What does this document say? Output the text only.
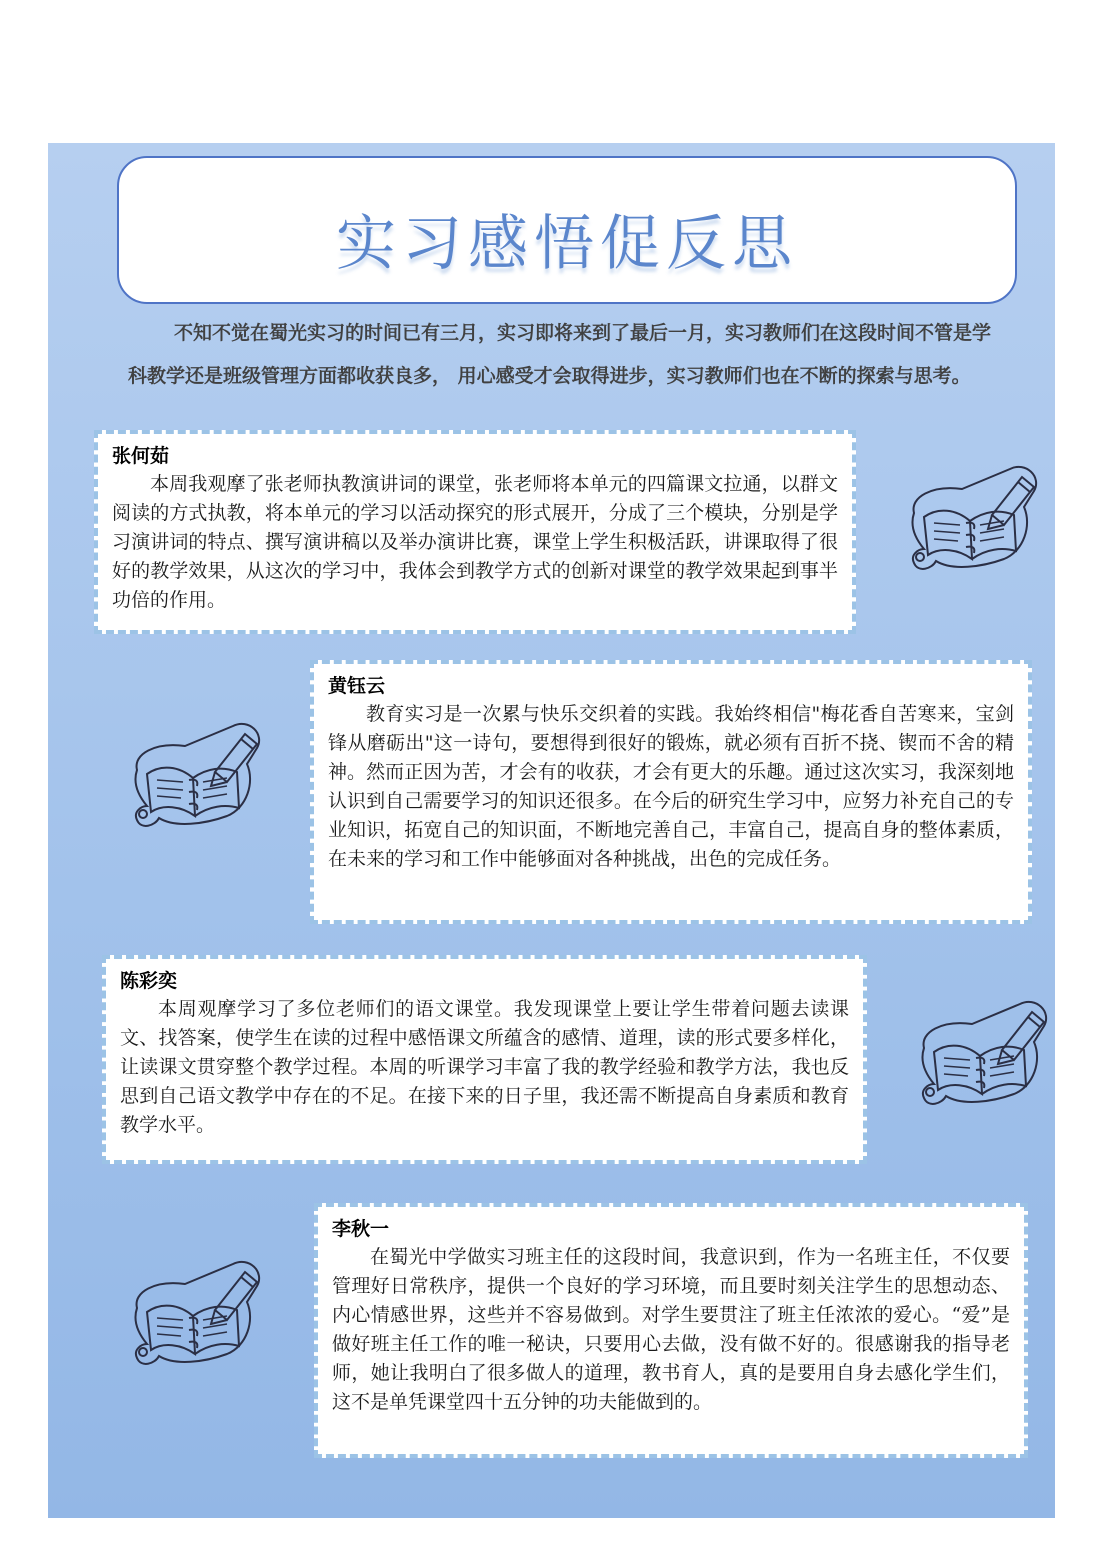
实习感悟促反思

不知不觉在蜀光实习的时间已有三月，实习即将来到了最后一月，实习教师们在这段时间不管是学科教学还是班级管理方面都收获良多， 用心感受才会取得进步，实习教师们也在不断的探索与思考。

张何茹

本周我观摩了张老师执教演讲词的课堂，张老师将本单元的四篇课文拉通，以群文阅读的方式执教，将本单元的学习以活动探究的形式展开，分成了三个模块，分别是学习演讲词的特点、撰写演讲稿以及举办演讲比赛，课堂上学生积极活跃，讲课取得了很好的教学效果，从这次的学习中，我体会到教学方式的创新对课堂的教学效果起到事半功倍的作用。

黄钰云

教育实习是一次累与快乐交织着的实践。我始终相信"梅花香自苦寒来，宝剑锋从磨砺出"这一诗句，要想得到很好的锻炼，就必须有百折不挠、锲而不舍的精神。然而正因为苦，才会有的收获，才会有更大的乐趣。通过这次实习，我深刻地认识到自己需要学习的知识还很多。在今后的研究生学习中，应努力补充自己的专业知识，拓宽自己的知识面，不断地完善自己，丰富自己，提高自身的整体素质，在未来的学习和工作中能够面对各种挑战，出色的完成任务。

陈彩奕

本周观摩学习了多位老师们的语文课堂。我发现课堂上要让学生带着问题去读课文、找答案，使学生在读的过程中感悟课文所蕴含的感情、道理，读的形式要多样化，让读课文贯穿整个教学过程。本周的听课学习丰富了我的教学经验和教学方法，我也反思到自己语文教学中存在的不足。在接下来的日子里，我还需不断提高自身素质和教育教学水平。

李秋一

在蜀光中学做实习班主任的这段时间，我意识到，作为一名班主任，不仅要管理好日常秩序，提供一个良好的学习环境，而且要时刻关注学生的思想动态、内心情感世界，这些并不容易做到。对学生要贯注了班主任浓浓的爱心。“爱”是做好班主任工作的唯一秘诀，只要用心去做，没有做不好的。很感谢我的指导老师，她让我明白了很多做人的道理，教书育人，真的是要用自身去感化学生们，这不是单凭课堂四十五分钟的功夫能做到的。
